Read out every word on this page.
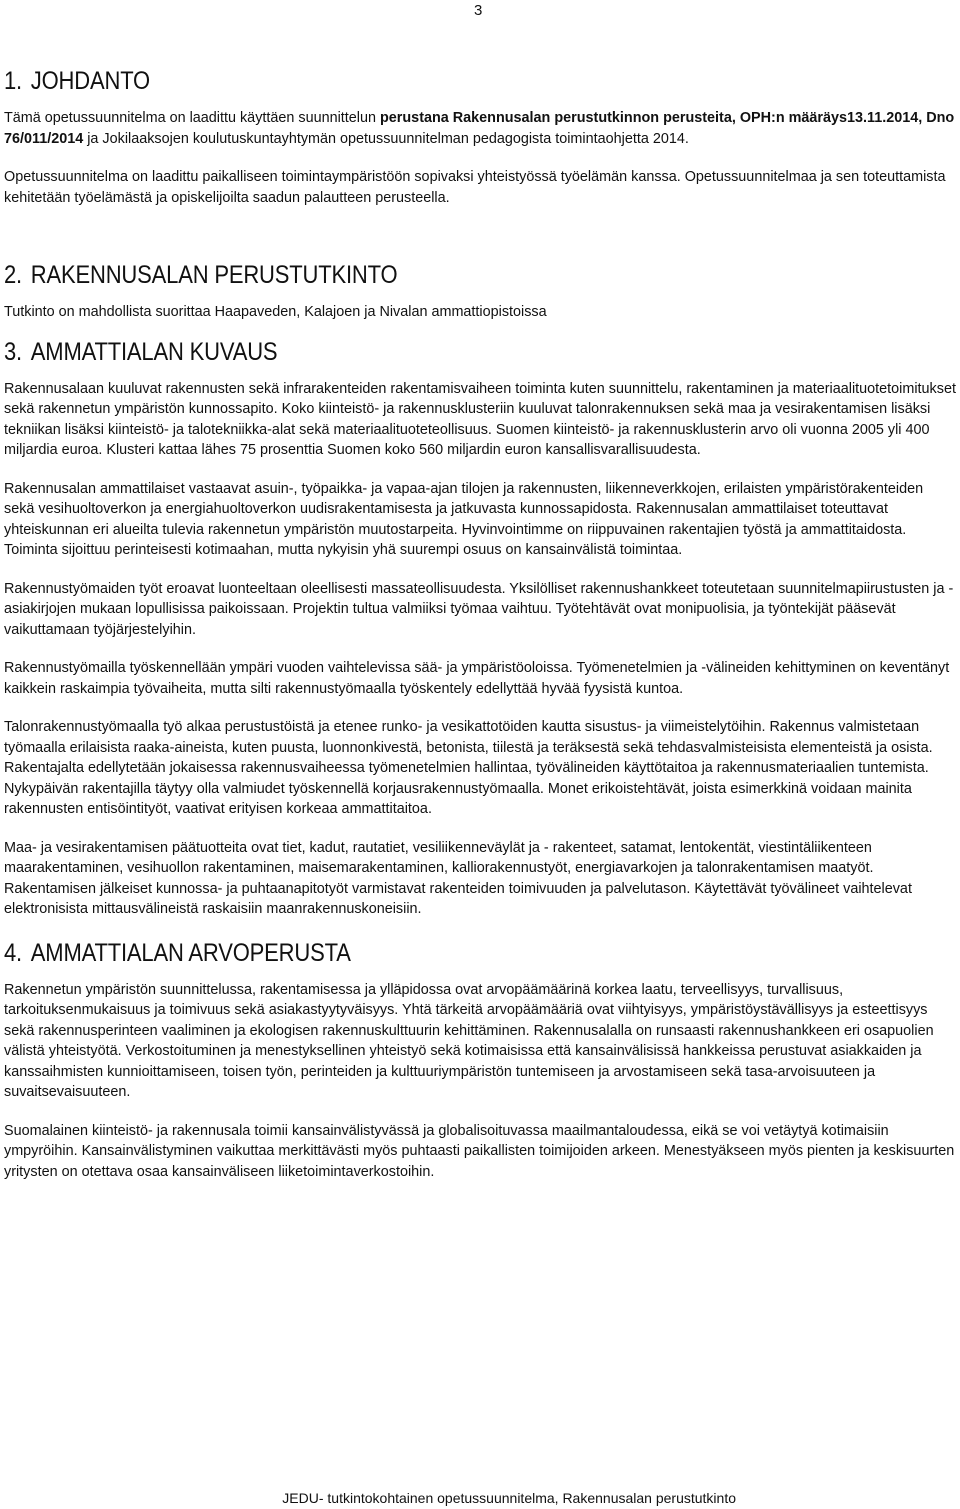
3
1. JOHDANTO

Tämä opetussuunnitelma on laadittu käyttäen suunnittelun perustana Rakennusalan perustutkinnon perusteita, OPH:n määräys13.11.2014, Dno 76/011/2014 ja Jokilaaksojen koulutuskuntayhtymän opetussuunnitelman pedagogista toimintaohjetta 2014.

Opetussuunnitelma on laadittu paikalliseen toimintaympäristöön sopivaksi yhteistyössä työelämän kanssa. Opetussuunnitelmaa ja sen toteuttamista kehitetään työelämästä ja opiskelijoilta saadun palautteen perusteella.

2. RAKENNUSALAN PERUSTUTKINTO

Tutkinto on mahdollista suorittaa Haapaveden, Kalajoen ja Nivalan ammattiopistoissa

3. AMMATTIALAN KUVAUS

Rakennusalaan kuuluvat rakennusten sekä infrarakenteiden rakentamisvaiheen toiminta kuten suunnittelu, rakentaminen ja materiaalituotetoimitukset sekä rakennetun ympäristön kunnossapito. Koko kiinteistö- ja rakennusklusteriin kuuluvat talonrakennuksen sekä maa ja vesirakentamisen lisäksi tekniikan lisäksi kiinteistö- ja talotekniikka-alat sekä materiaalituoteteollisuus. Suomen kiinteistö- ja rakennusklusterin arvo oli vuonna 2005 yli 400 miljardia euroa. Klusteri kattaa lähes 75 prosenttia Suomen koko 560 miljardin euron kansallisvarallisuudesta.

Rakennusalan ammattilaiset vastaavat asuin-, työpaikka- ja vapaa-ajan tilojen ja rakennusten, liikenneverkkojen, erilaisten ympäristörakenteiden sekä vesihuoltoverkon ja energiahuoltoverkon uudisrakentamisesta ja jatkuvasta kunnossapidosta. Rakennusalan ammattilaiset toteuttavat yhteiskunnan eri alueilta tulevia rakennetun ympäristön muutostarpeita. Hyvinvointimme on riippuvainen rakentajien työstä ja ammattitaidosta. Toiminta sijoittuu perinteisesti kotimaahan, mutta nykyisin yhä suurempi osuus on kansainvälistä toimintaa.

Rakennustyömaiden työt eroavat luonteeltaan oleellisesti massateollisuudesta. Yksilölliset rakennushankkeet toteutetaan suunnitelmapiirustusten ja -asiakirjojen mukaan lopullisissa paikoissaan. Projektin tultua valmiiksi työmaa vaihtuu. Työtehtävät ovat monipuolisia, ja työntekijät pääsevät vaikuttamaan työjärjestelyihin.

Rakennustyömailla työskennellään ympäri vuoden vaihtelevissa sää- ja ympäristöoloissa. Työmenetelmien ja -välineiden kehittyminen on keventänyt kaikkein raskaimpia työvaiheita, mutta silti rakennustyömaalla työskentely edellyttää hyvää fyysistä kuntoa.

Talonrakennustyömaalla työ alkaa perustustöistä ja etenee runko- ja vesikattotöiden kautta sisustus- ja viimeistelytöihin. Rakennus valmistetaan työmaalla erilaisista raaka-aineista, kuten puusta, luonnonkivestä, betonista, tiilestä ja teräksestä sekä tehdasvalmisteisista elementeistä ja osista. Rakentajalta edellytetään jokaisessa rakennusvaiheessa työmenetelmien hallintaa, työvälineiden käyttötaitoa ja rakennusmateriaalien tuntemista. Nykypäivän rakentajilla täytyy olla valmiudet työskennellä korjausrakennustyömaalla. Monet erikoistehtävät, joista esimerkkinä voidaan mainita rakennusten entisöintityöt, vaativat erityisen korkeaa ammattitaitoa.

Maa- ja vesirakentamisen päätuotteita ovat tiet, kadut, rautatiet, vesiliikenneväylät ja - rakenteet, satamat, lentokentät, viestintäliikenteen maarakentaminen, vesihuollon rakentaminen, maisemarakentaminen, kalliorakennustyöt, energiavarkojen ja talonrakentamisen maatyöt. Rakentamisen jälkeiset kunnossa- ja puhtaanapitotyöt varmistavat rakenteiden toimivuuden ja palvelutason. Käytettävät työvälineet vaihtelevat elektronisista mittausvälineistä raskaisiin maanrakennuskoneisiin.

4. AMMATTIALAN ARVOPERUSTA

Rakennetun ympäristön suunnittelussa, rakentamisessa ja ylläpidossa ovat arvopäämäärinä korkea laatu, terveellisyys, turvallisuus, tarkoituksenmukaisuus ja toimivuus sekä asiakastyytyväisyys. Yhtä tärkeitä arvopäämääriä ovat viihtyisyys, ympäristöystävällisyys ja esteettisyys sekä rakennusperinteen vaaliminen ja ekologisen rakennuskulttuurin kehittäminen. Rakennusalalla on runsaasti rakennushankkeen eri osapuolien välistä yhteistyötä. Verkostoituminen ja menestyksellinen yhteistyö sekä kotimaisissa että kansainvälisissä hankkeissa perustuvat asiakkaiden ja kanssaihmisten kunnioittamiseen, toisen työn, perinteiden ja kulttuuriympäristön tuntemiseen ja arvostamiseen sekä tasa-arvoisuuteen ja suvaitsevaisuuteen.

Suomalainen kiinteistö- ja rakennusala toimii kansainvälistyvässä ja globalisoituvassa maailmantaloudessa, eikä se voi vetäytyä kotimaisiin ympyröihin. Kansainvälistyminen vaikuttaa merkittävästi myös puhtaasti paikallisten toimijoiden arkeen. Menestyäkseen myös pienten ja keskisuurten yritysten on otettava osaa kansainväliseen liiketoimintaverkostoihin.

JEDU- tutkintokohtainen opetussuunnitelma, Rakennusalan perustutkinto
